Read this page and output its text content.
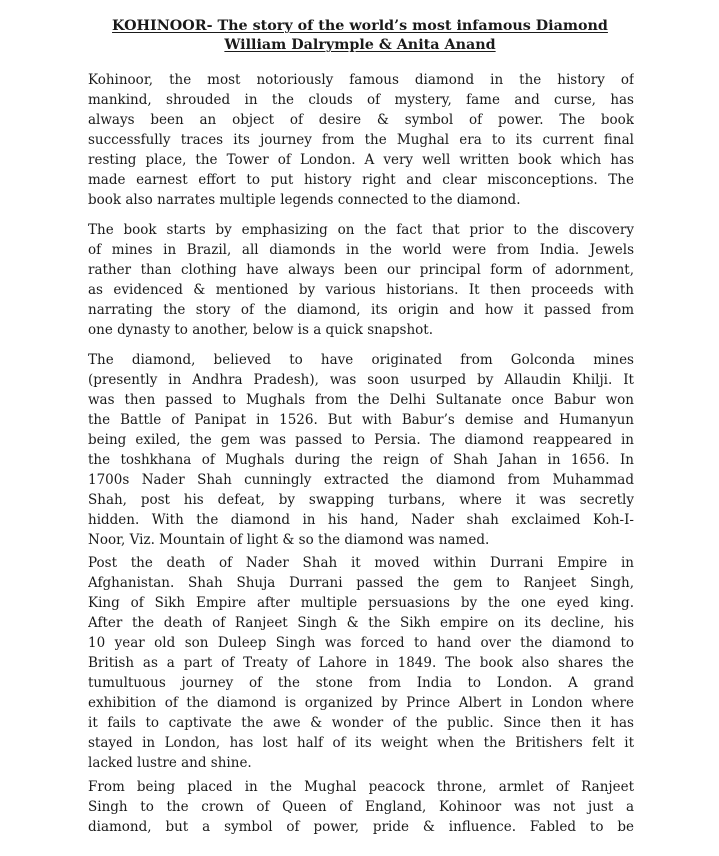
KOHINOOR- The story of the world’s most infamous Diamond
William Dalrymple & Anita Anand
Kohinoor, the most notoriously famous diamond in the history of
mankind, shrouded in the clouds of mystery, fame and curse, has
always been an object of desire & symbol of power. The book
successfully traces its journey from the Mughal era to its current final
resting place, the Tower of London. A very well written book which has
made earnest effort to put history right and clear misconceptions. The
book also narrates multiple legends connected to the diamond.
The book starts by emphasizing on the fact that prior to the discovery
of mines in Brazil, all diamonds in the world were from India. Jewels
rather than clothing have always been our principal form of adornment,
as evidenced & mentioned by various historians. It then proceeds with
narrating the story of the diamond, its origin and how it passed from
one dynasty to another, below is a quick snapshot.
The diamond, believed to have originated from Golconda mines
(presently in Andhra Pradesh), was soon usurped by Allaudin Khilji. It
was then passed to Mughals from the Delhi Sultanate once Babur won
the Battle of Panipat in 1526. But with Babur’s demise and Humanyun
being exiled, the gem was passed to Persia. The diamond reappeared in
the toshkhana of Mughals during the reign of Shah Jahan in 1656. In
1700s Nader Shah cunningly extracted the diamond from Muhammad
Shah, post his defeat, by swapping turbans, where it was secretly
hidden. With the diamond in his hand, Nader shah exclaimed Koh-I-
Noor, Viz. Mountain of light & so the diamond was named.
Post the death of Nader Shah it moved within Durrani Empire in
Afghanistan. Shah Shuja Durrani passed the gem to Ranjeet Singh,
King of Sikh Empire after multiple persuasions by the one eyed king.
After the death of Ranjeet Singh & the Sikh empire on its decline, his
10 year old son Duleep Singh was forced to hand over the diamond to
British as a part of Treaty of Lahore in 1849. The book also shares the
tumultuous journey of the stone from India to London. A grand
exhibition of the diamond is organized by Prince Albert in London where
it fails to captivate the awe & wonder of the public. Since then it has
stayed in London, has lost half of its weight when the Britishers felt it
lacked lustre and shine.
From being placed in the Mughal peacock throne, armlet of Ranjeet
Singh to the crown of Queen of England, Kohinoor was not just a
diamond, but a symbol of power, pride & influence. Fabled to be
